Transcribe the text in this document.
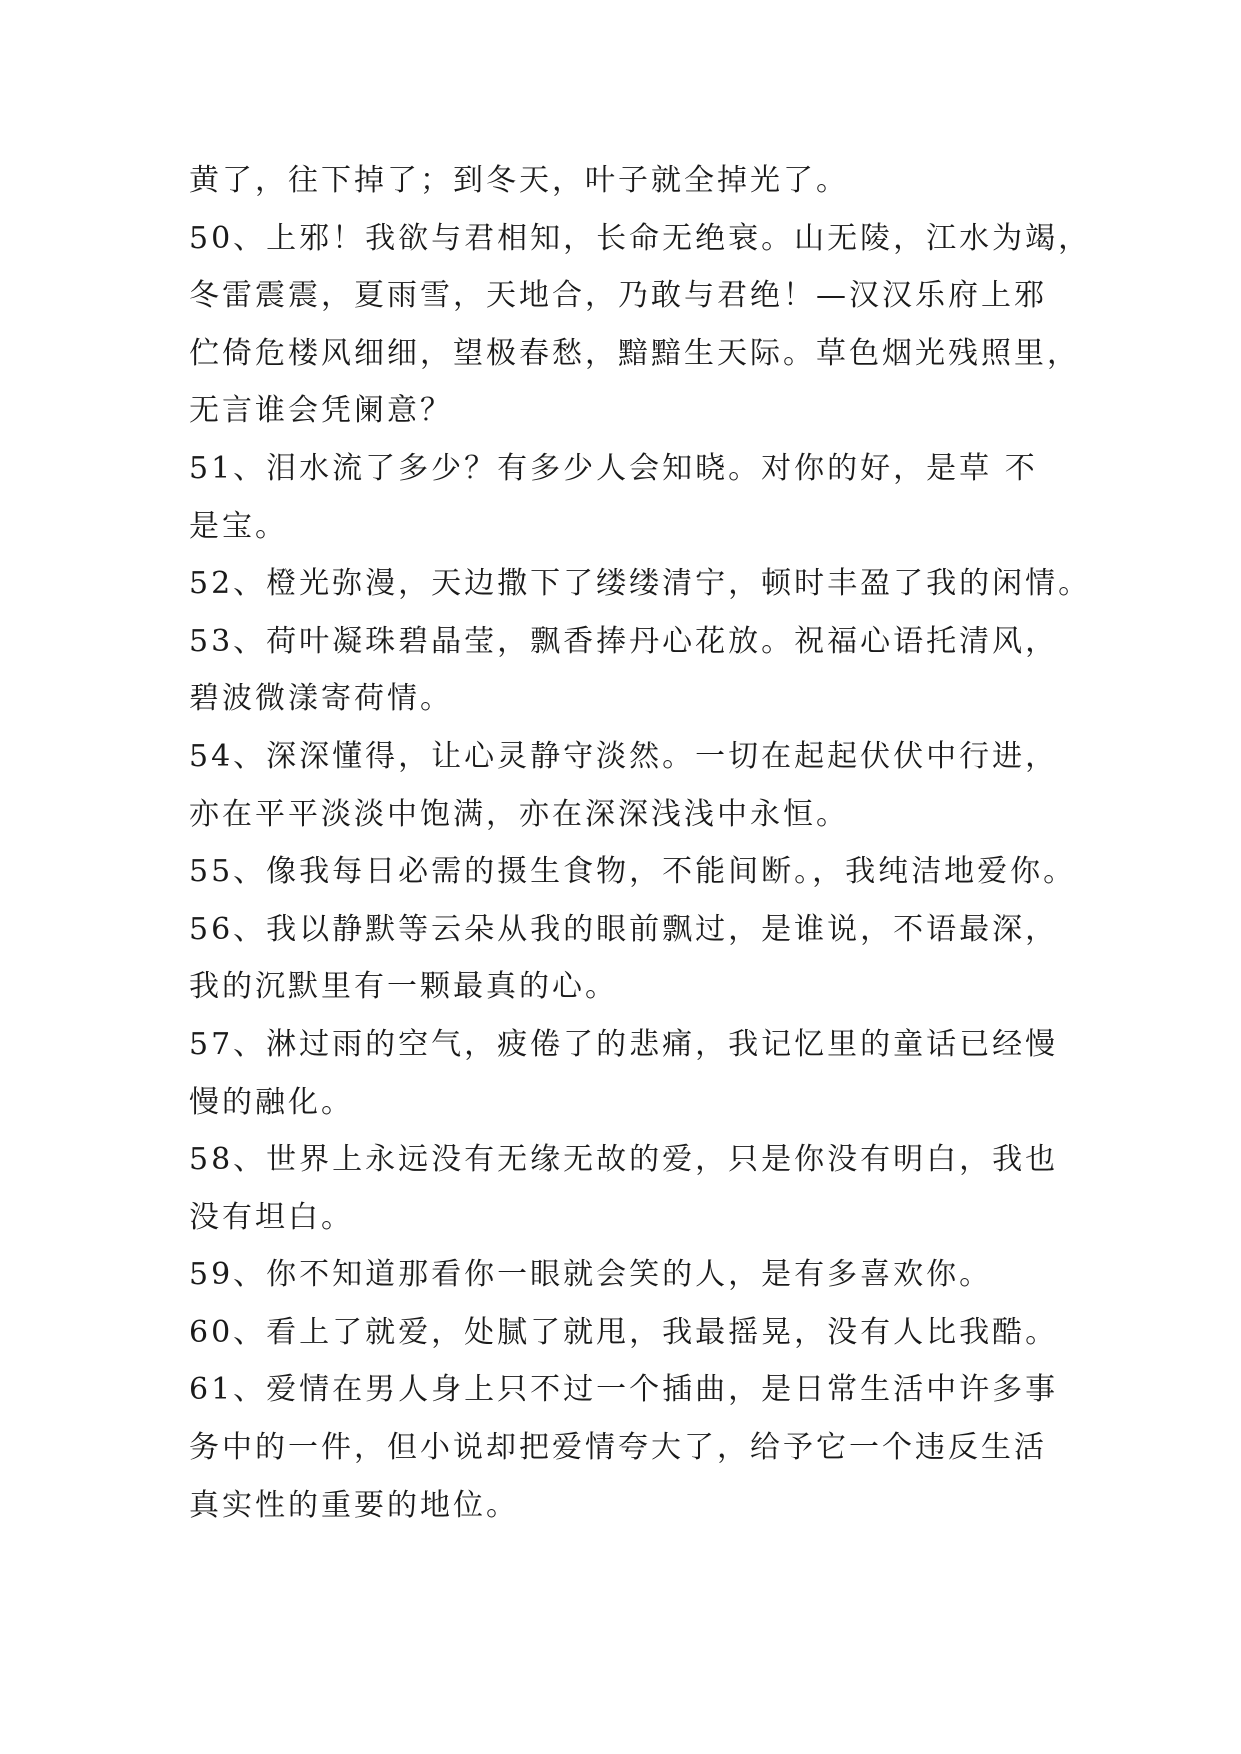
黄了，往下掉了；到冬天，叶子就全掉光了。
50、上邪！我欲与君相知，长命无绝衰。山无陵，江水为竭，
冬雷震震，夏雨雪，天地合，乃敢与君绝！—汉汉乐府上邪
伫倚危楼风细细，望极春愁，黯黯生天际。草色烟光残照里，
无言谁会凭阑意？
51、泪水流了多少？有多少人会知晓。对你的好，是草 不
是宝。
52、橙光弥漫，天边撒下了缕缕清宁，顿时丰盈了我的闲情。
53、荷叶凝珠碧晶莹，飘香捧丹心花放。祝福心语托清风，
碧波微漾寄荷情。
54、深深懂得，让心灵静守淡然。一切在起起伏伏中行进，
亦在平平淡淡中饱满，亦在深深浅浅中永恒。
55、像我每日必需的摄生食物，不能间断。，我纯洁地爱你。
56、我以静默等云朵从我的眼前飘过，是谁说，不语最深，
我的沉默里有一颗最真的心。
57、淋过雨的空气，疲倦了的悲痛，我记忆里的童话已经慢
慢的融化。
58、世界上永远没有无缘无故的爱，只是你没有明白，我也
没有坦白。
59、你不知道那看你一眼就会笑的人，是有多喜欢你。
60、看上了就爱，处腻了就甩，我最摇晃，没有人比我酷。
61、爱情在男人身上只不过一个插曲，是日常生活中许多事
务中的一件，但小说却把爱情夸大了，给予它一个违反生活
真实性的重要的地位。
